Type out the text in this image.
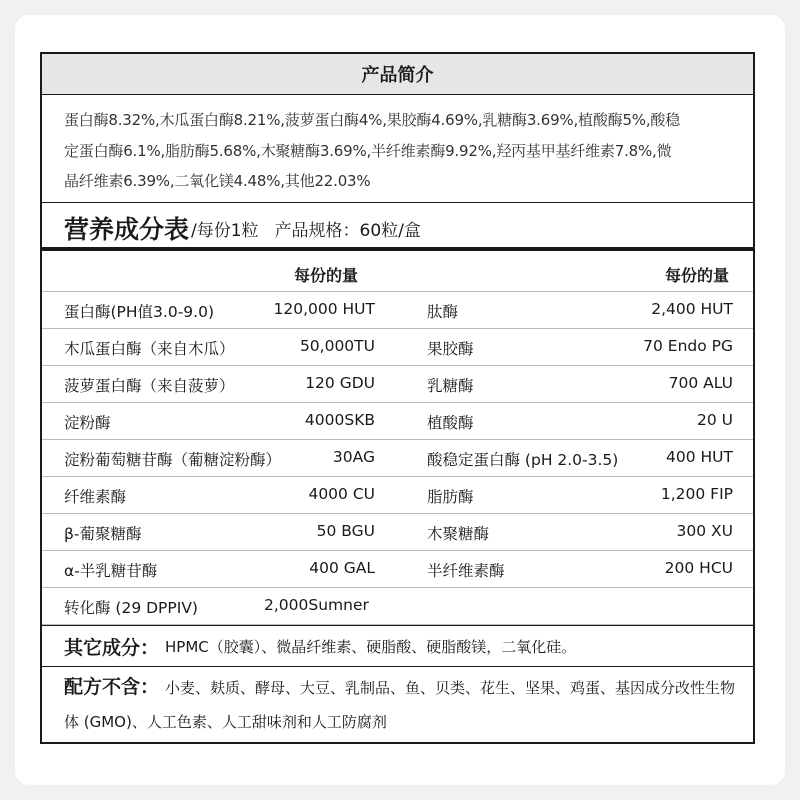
产品简介
蛋白酶8.32%,木瓜蛋白酶8.21%,菠萝蛋白酶4%,果胶酶4.69%,乳糖酶3.69%,植酸酶5%,酸稳
定蛋白酶6.1%,脂肪酶5.68%,木聚糖酶3.69%,半纤维素酶9.92%,羟丙基甲基纤维素7.8%,微
晶纤维素6.39%,二氧化镁4.48%,其他22.03%
营养成分表 /每份1粒 产品规格：60粒/盒
每份的量	每份的量
蛋白酶(PH值3.0-9.0)	120,000 HUT	肽酶	2,400 HUT
木瓜蛋白酶（来自木瓜）	50,000TU	果胶酶	70 Endo PG
菠萝蛋白酶（来自菠萝）	120 GDU	乳糖酶	700 ALU
淀粉酶	4000SKB	植酸酶	20 U
淀粉葡萄糖苷酶（葡糖淀粉酶）	30AG	酸稳定蛋白酶 (pH 2.0-3.5)	400 HUT
纤维素酶	4000 CU	脂肪酶	1,200 FIP
β-葡聚糖酶	50 BGU	木聚糖酶	300 XU
α-半乳糖苷酶	400 GAL	半纤维素酶	200 HCU
转化酶 (29 DPPIV)	2,000Sumner
其它成分： HPMC（胶囊）、微晶纤维素、硬脂酸、硬脂酸镁，二氧化硅。
配方不含： 小麦、麸质、酵母、大豆、乳制品、鱼、贝类、花生、坚果、鸡蛋、基因成分改性生物体 (GMO)、人工色素、人工甜味剂和人工防腐剂
